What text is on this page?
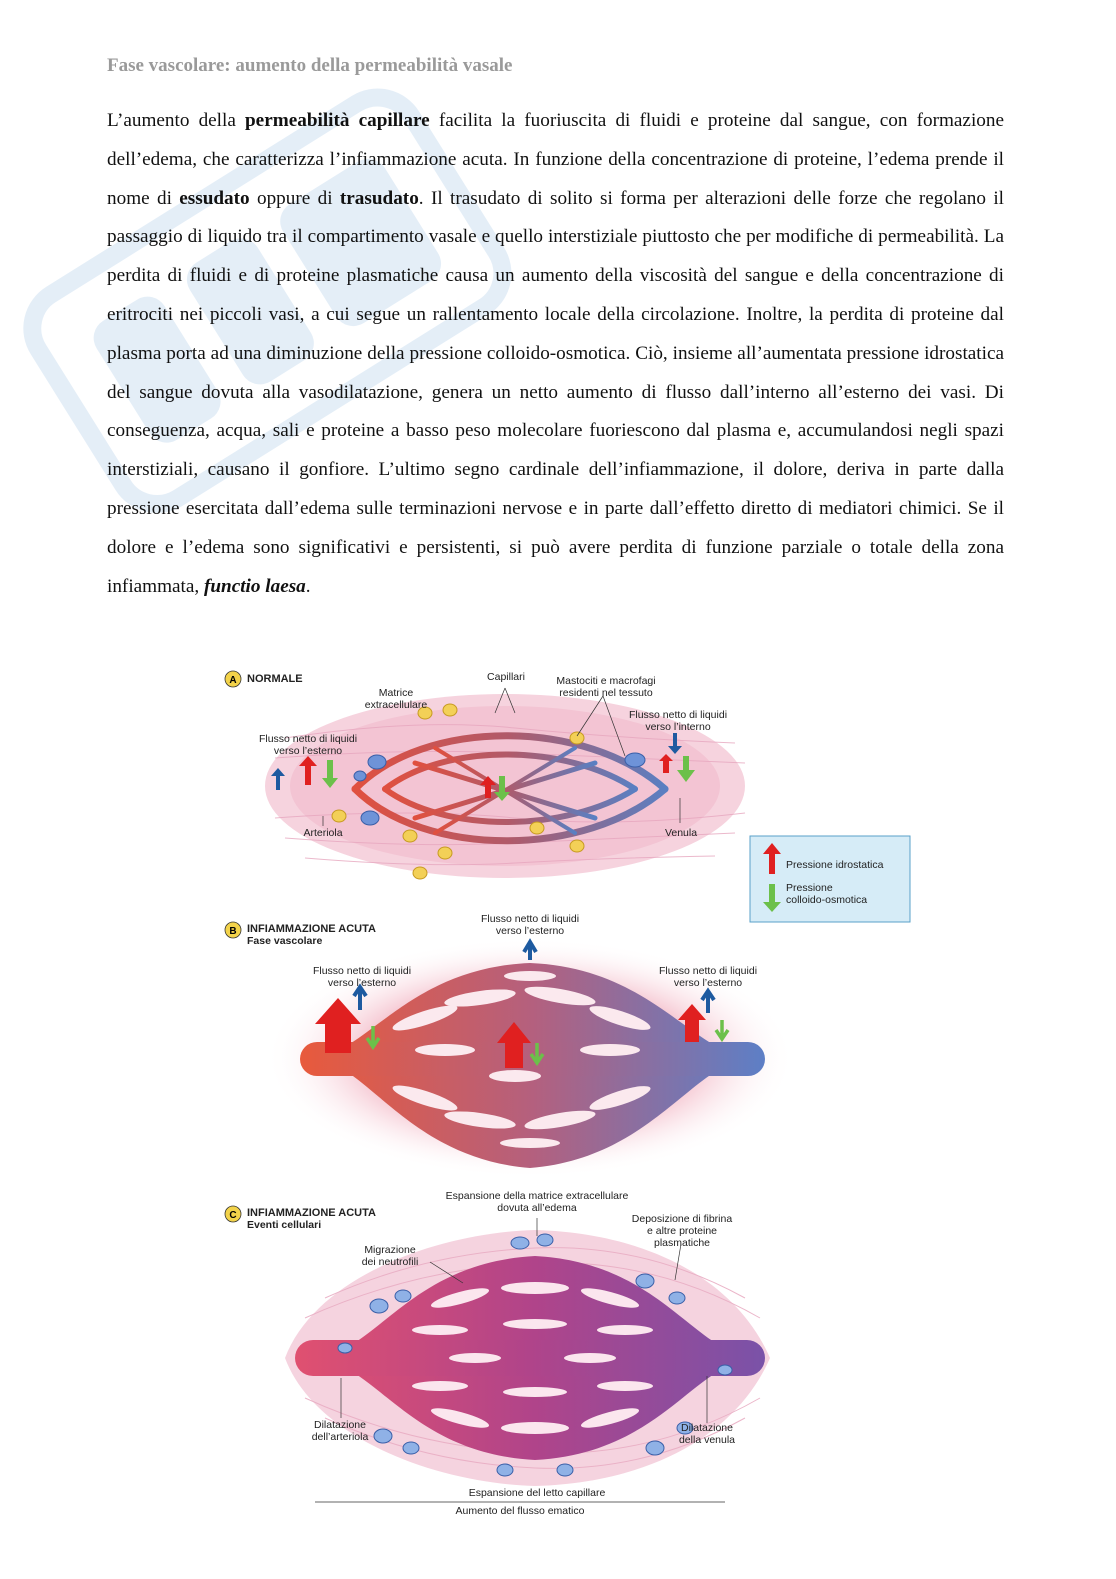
Fase vascolare: aumento della permeabilità vasale
L’aumento della permeabilità capillare facilita la fuoriuscita di fluidi e proteine dal sangue, con formazione dell’edema, che caratterizza l’infiammazione acuta. In funzione della concentrazione di proteine, l’edema prende il nome di essudato oppure di trasudato. Il trasudato di solito si forma per alterazioni delle forze che regolano il passaggio di liquido tra il compartimento vasale e quello interstiziale piuttosto che per modifiche di permeabilità. La perdita di fluidi e di proteine plasmatiche causa un aumento della viscosità del sangue e della concentrazione di eritrociti nei piccoli vasi, a cui segue un rallentamento locale della circolazione. Inoltre, la perdita di proteine dal plasma porta ad una diminuzione della pressione colloido-osmotica. Ciò, insieme all’aumentata pressione idrostatica del sangue dovuta alla vasodilatazione, genera un netto aumento di flusso dall’interno all’esterno dei vasi. Di conseguenza, acqua, sali e proteine a basso peso molecolare fuoriescono dal plasma e, accumulandosi negli spazi interstiziali, causano il gonfiore. L’ultimo segno cardinale dell’infiammazione, il dolore, deriva in parte dalla pressione esercitata dall’edema sulle terminazioni nervose e in parte dall’effetto diretto di mediatori chimici. Se il dolore e l’edema sono significativi e persistenti, si può avere perdita di funzione parziale o totale della zona infiammata, functio laesa.
A NORMALE	Capillari
Matrice
extracellulare
Mastociti e macrofagi
residenti nel tessuto
Flusso netto di liquidi
verso l’esterno
Flusso netto di liquidi
verso l’interno
Arteriola	Venula
Pressione idrostatica
Pressione
colloido-osmotica
B INFIAMMAZIONE ACUTA
Fase vascolare
Flusso netto di liquidi
verso l’esterno
Flusso netto di liquidi
verso l’esterno
Flusso netto di liquidi
verso l’esterno
C INFIAMMAZIONE ACUTA
Eventi cellulari
Espansione della matrice extracellulare
dovuta all’edema
Deposizione di fibrina
e altre proteine
plasmatiche
Migrazione
dei neutrofili
Dilatazione
dell’arteriola
Dilatazione
della venula
Espansione del letto capillare
Aumento del flusso ematico
